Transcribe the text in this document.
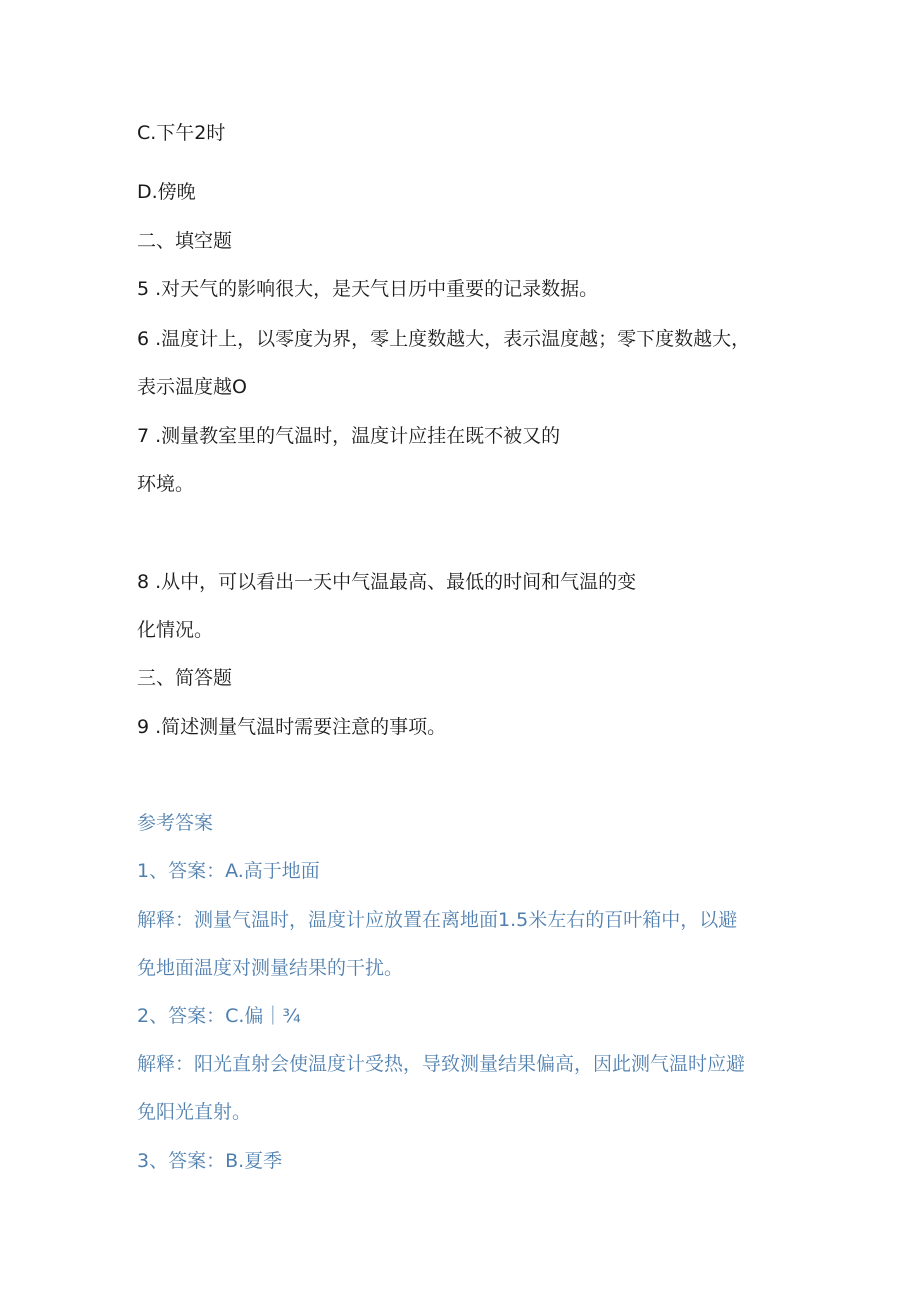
C.下午2时
D.傍晚
二、填空题
5 .对天气的影响很大，是天气日历中重要的记录数据。
6 .温度计上，以零度为界，零上度数越大，表示温度越；零下度数越大，
表示温度越O
7 .测量教室里的气温时，温度计应挂在既不被又的
环境。
8 .从中，可以看出一天中气温最高、最低的时间和气温的变
化情况。
三、简答题
9 .简述测量气温时需要注意的事项。
参考答案
1、答案：A.高于地面
解释：测量气温时，温度计应放置在离地面1.5米左右的百叶箱中，以避
免地面温度对测量结果的干扰。
2、答案：C.偏｜¾
解释：阳光直射会使温度计受热，导致测量结果偏高，因此测气温时应避
免阳光直射。
3、答案：B.夏季
